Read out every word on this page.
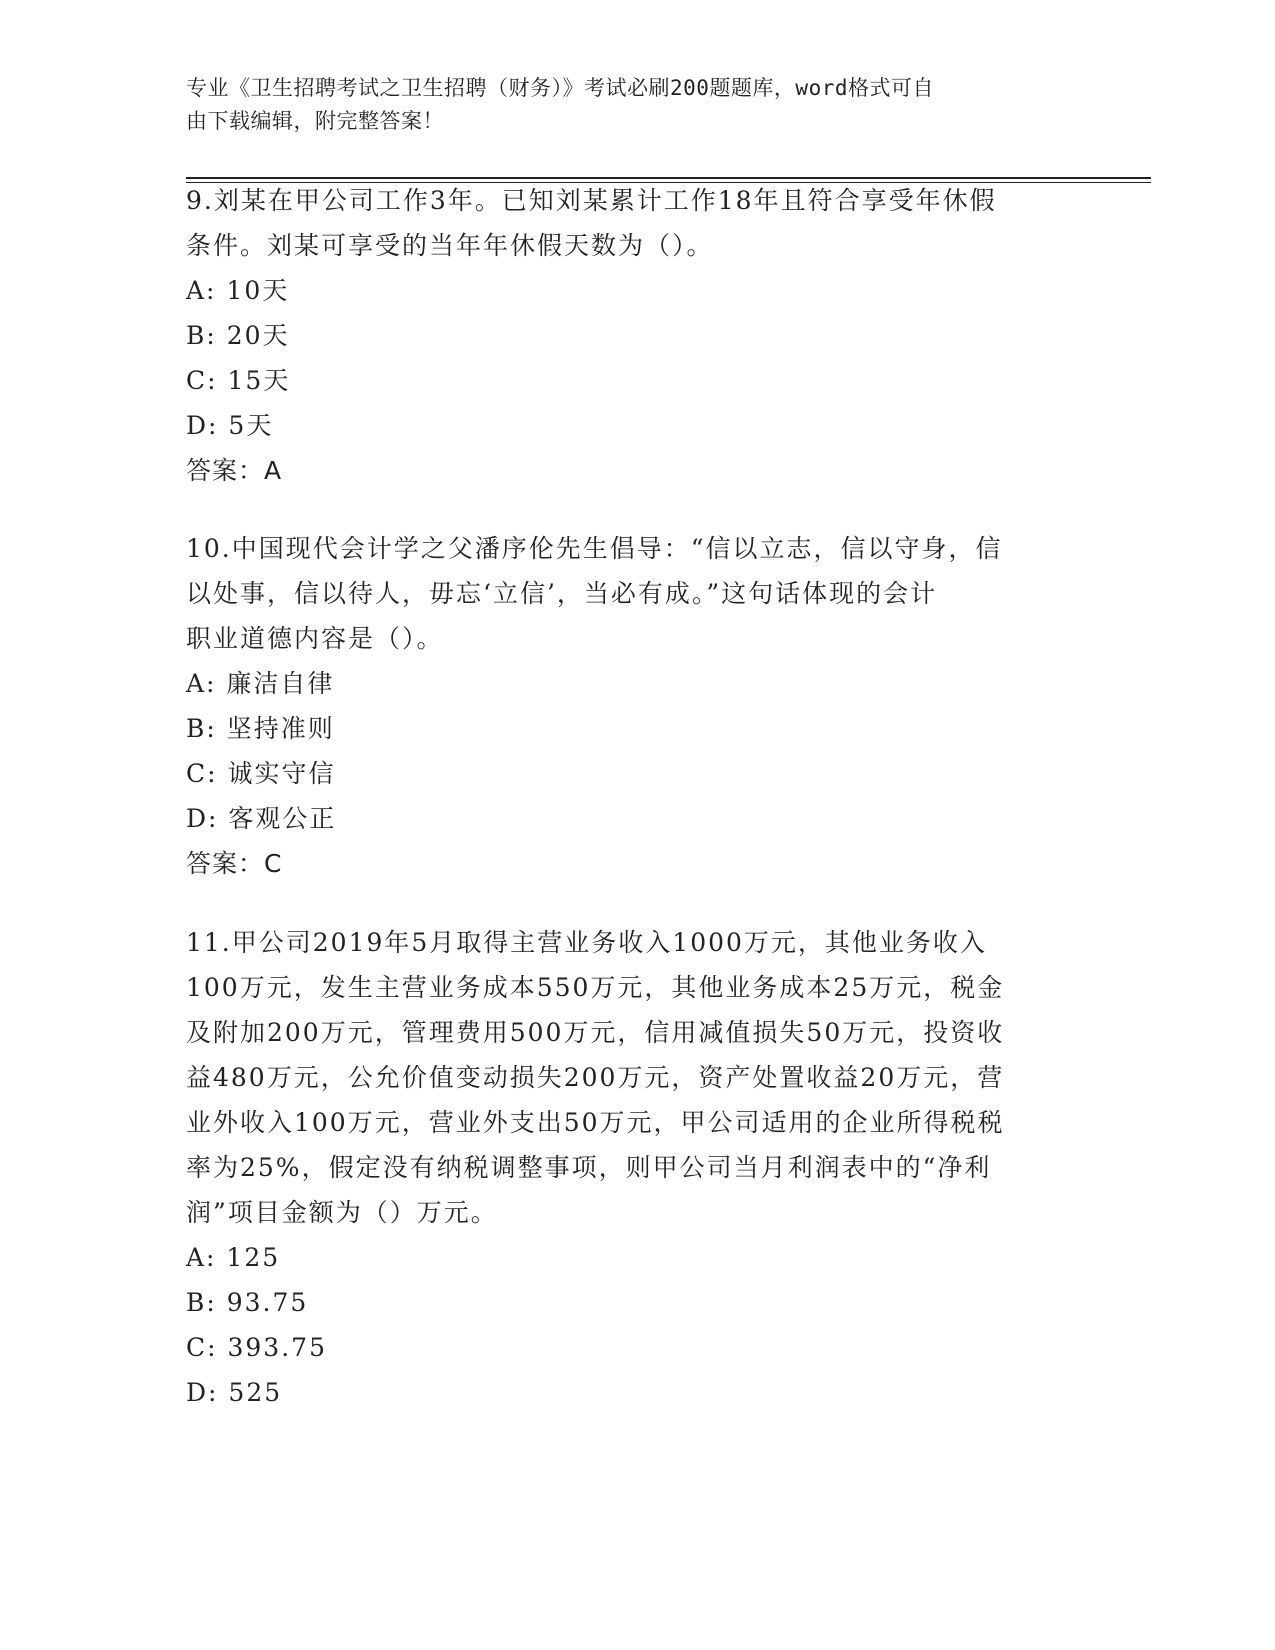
专业《卫生招聘考试之卫生招聘（财务）》考试必刷200题题库，word格式可自
由下载编辑，附完整答案！
9.刘某在甲公司工作3年。已知刘某累计工作18年且符合享受年休假
条件。刘某可享受的当年年休假天数为（）。
A: 10天
B: 20天
C: 15天
D: 5天
答案：A
10.中国现代会计学之父潘序伦先生倡导：“信以立志，信以守身，信
以处事，信以待人，毋忘‘立信’，当必有成。”这句话体现的会计
职业道德内容是（）。
A: 廉洁自律
B: 坚持准则
C: 诚实守信
D: 客观公正
答案：C
11.甲公司2019年5月取得主营业务收入1000万元，其他业务收入
100万元，发生主营业务成本550万元，其他业务成本25万元，税金
及附加200万元，管理费用500万元，信用减值损失50万元，投资收
益480万元，公允价值变动损失200万元，资产处置收益20万元，营
业外收入100万元，营业外支出50万元，甲公司适用的企业所得税税
率为25%，假定没有纳税调整事项，则甲公司当月利润表中的“净利
润”项目金额为（）万元。
A: 125
B: 93.75
C: 393.75
D: 525
